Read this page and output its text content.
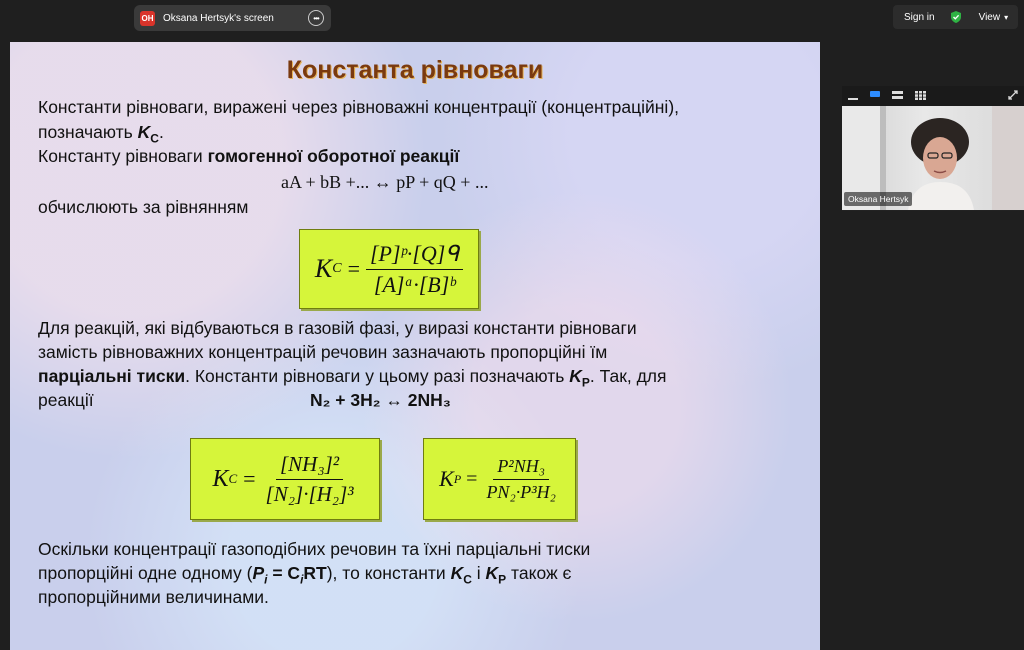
OH Oksana Hertsyk's screen	•••	Sign in	View ▾
Константа рівноваги
Константи рівноваги, виражені через рівноважні концентрації (концентраційні),
позначають $K_C$.
Константу рівноваги гомогенної оборотної реакції
aA + bB +... ↔ pP + qQ + ...
обчислюють за рівнянням
K $C = \frac{\text{[P]ᵖ·[Q]ᑫ}}{\text{[A]ᵃ·[B]ᵇ}}$
Для реакцій, які відбуваються в газовій фазі, у виразі константи рівноваги
замість рівноважних концентрацій речовин зазначають пропорційні їм
парціальні тиски. Константи рівноваги у цьому разі позначають $K_P$. Так, для
реакції	N₂ + 3H₂ ↔ 2NH₃
K $C = \frac{\text{[NH₃]²}}{\text{[N₂]·[H₂]³}}$	K $P = \frac{\text{P²NH₃}}{\text{PN₂·P³H₂}}$
Оскільки концентрації газоподібних речовин та їхні парціальні тиски
пропорційні одне одному $(P_i = C_iRT)$, то константи $K_C$ і $K_P$ також є
пропорційними величинами.
Oksana Hertsyk
